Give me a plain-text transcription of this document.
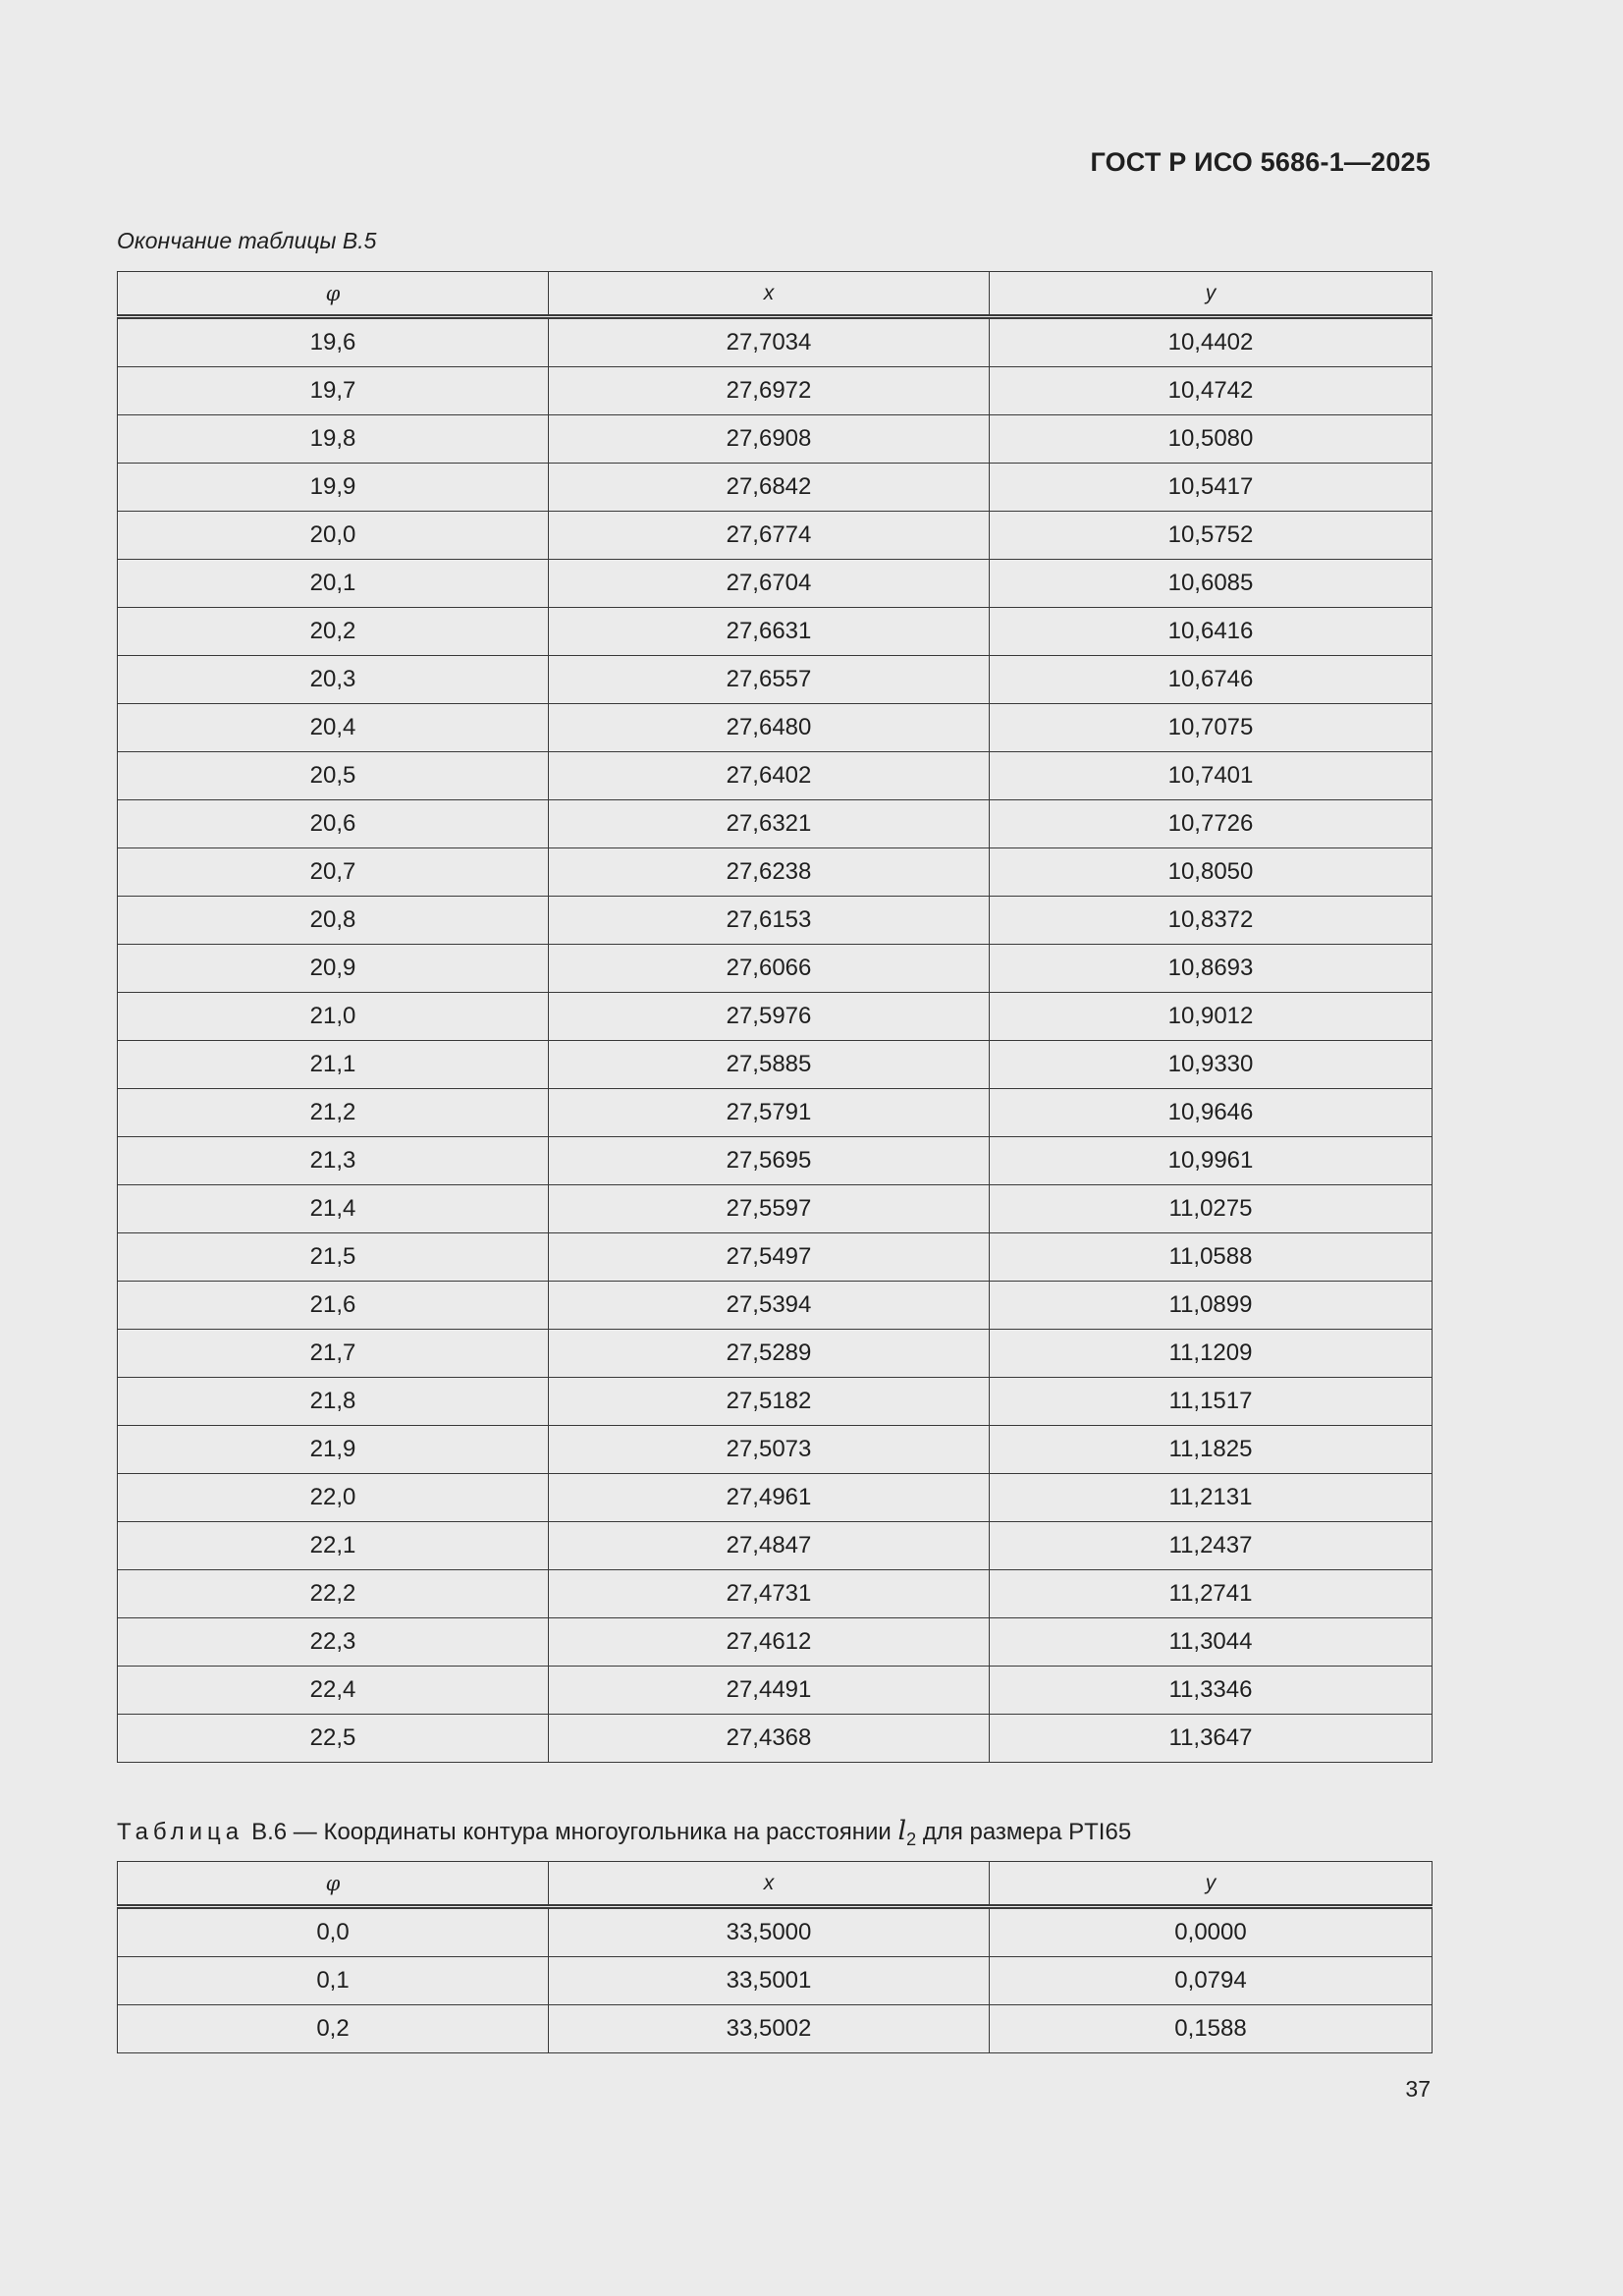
ГОСТ Р ИСО 5686-1—2025
Окончание таблицы В.5
φ	x	y
19,6	27,7034	10,4402
19,7	27,6972	10,4742
19,8	27,6908	10,5080
19,9	27,6842	10,5417
20,0	27,6774	10,5752
20,1	27,6704	10,6085
20,2	27,6631	10,6416
20,3	27,6557	10,6746
20,4	27,6480	10,7075
20,5	27,6402	10,7401
20,6	27,6321	10,7726
20,7	27,6238	10,8050
20,8	27,6153	10,8372
20,9	27,6066	10,8693
21,0	27,5976	10,9012
21,1	27,5885	10,9330
21,2	27,5791	10,9646
21,3	27,5695	10,9961
21,4	27,5597	11,0275
21,5	27,5497	11,0588
21,6	27,5394	11,0899
21,7	27,5289	11,1209
21,8	27,5182	11,1517
21,9	27,5073	11,1825
22,0	27,4961	11,2131
22,1	27,4847	11,2437
22,2	27,4731	11,2741
22,3	27,4612	11,3044
22,4	27,4491	11,3346
22,5	27,4368	11,3647
Таблица В.6 — Координаты контура многоугольника на расстоянии $l_2$ для размера PTI65
φ	x	y
0,0	33,5000	0,0000
0,1	33,5001	0,0794
0,2	33,5002	0,1588
37
